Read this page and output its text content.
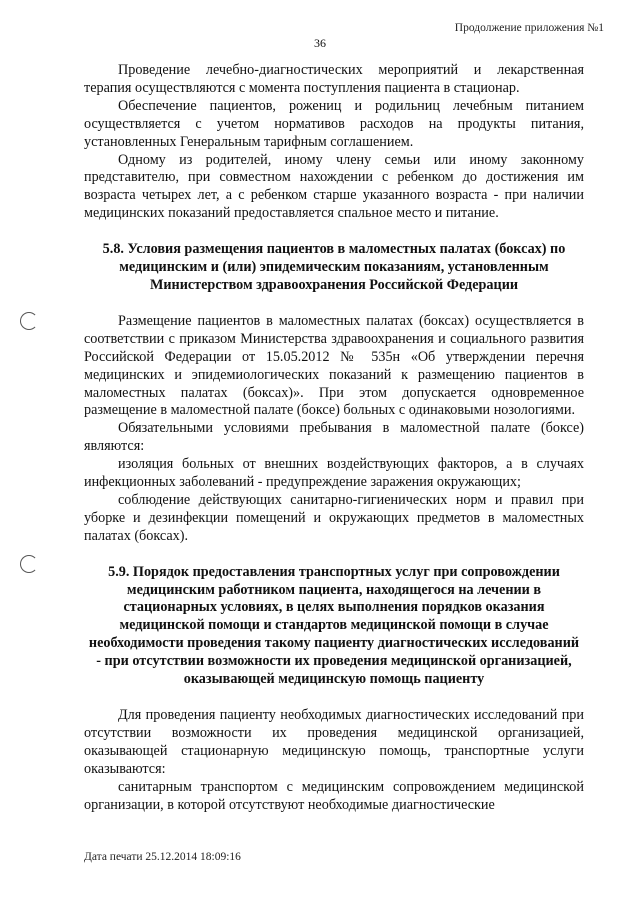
Продолжение приложения №1
36

Проведение лечебно-диагностических мероприятий и лекарственная терапия осуществляются с момента поступления пациента в стационар.

Обеспечение пациентов, рожениц и родильниц лечебным питанием осуществляется с учетом нормативов расходов на продукты питания, установленных Генеральным тарифным соглашением.

Одному из родителей, иному члену семьи или иному законному представителю, при совместном нахождении с ребенком до достижения им возраста четырех лет, а с ребенком старше указанного возраста - при наличии медицинских показаний предоставляется спальное место и питание.

5.8. Условия размещения пациентов в маломестных палатах (боксах) по медицинским и (или) эпидемическим показаниям, установленным Министерством здравоохранения Российской Федерации

Размещение пациентов в маломестных палатах (боксах) осуществляется в соответствии с приказом Министерства здравоохранения и социального развития Российской Федерации от 15.05.2012 № 535н «Об утверждении перечня медицинских и эпидемиологических показаний к размещению пациентов в маломестных палатах (боксах)». При этом допускается одновременное размещение в маломестной палате (боксе) больных с одинаковыми нозологиями.

Обязательными условиями пребывания в маломестной палате (боксе) являются:

изоляция больных от внешних воздействующих факторов, а в случаях инфекционных заболеваний - предупреждение заражения окружающих;

соблюдение действующих санитарно-гигиенических норм и правил при уборке и дезинфекции помещений и окружающих предметов в маломестных палатах (боксах).

5.9. Порядок предоставления транспортных услуг при сопровождении медицинским работником пациента, находящегося на лечении в стационарных условиях, в целях выполнения порядков оказания медицинской помощи и стандартов медицинской помощи в случае необходимости проведения такому пациенту диагностических исследований - при отсутствии возможности их проведения медицинской организацией, оказывающей медицинскую помощь пациенту

Для проведения пациенту необходимых диагностических исследований при отсутствии возможности их проведения медицинской организацией, оказывающей стационарную медицинскую помощь, транспортные услуги оказываются:

санитарным транспортом с медицинским сопровождением медицинской организации, в которой отсутствуют необходимые диагностические

Дата печати 25.12.2014 18:09:16
